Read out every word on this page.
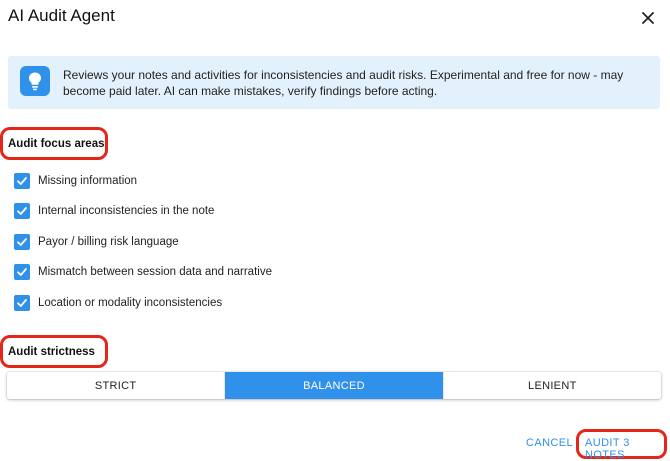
AI Audit Agent
Reviews your notes and activities for inconsistencies and audit risks. Experimental and free for now - may become paid later. AI can make mistakes, verify findings before acting.
Audit focus areas
Missing information
Internal inconsistencies in the note
Payor / billing risk language
Mismatch between session data and narrative
Location or modality inconsistencies
Audit strictness
STRICT	BALANCED	LENIENT
CANCEL AUDIT 3 NOTES
